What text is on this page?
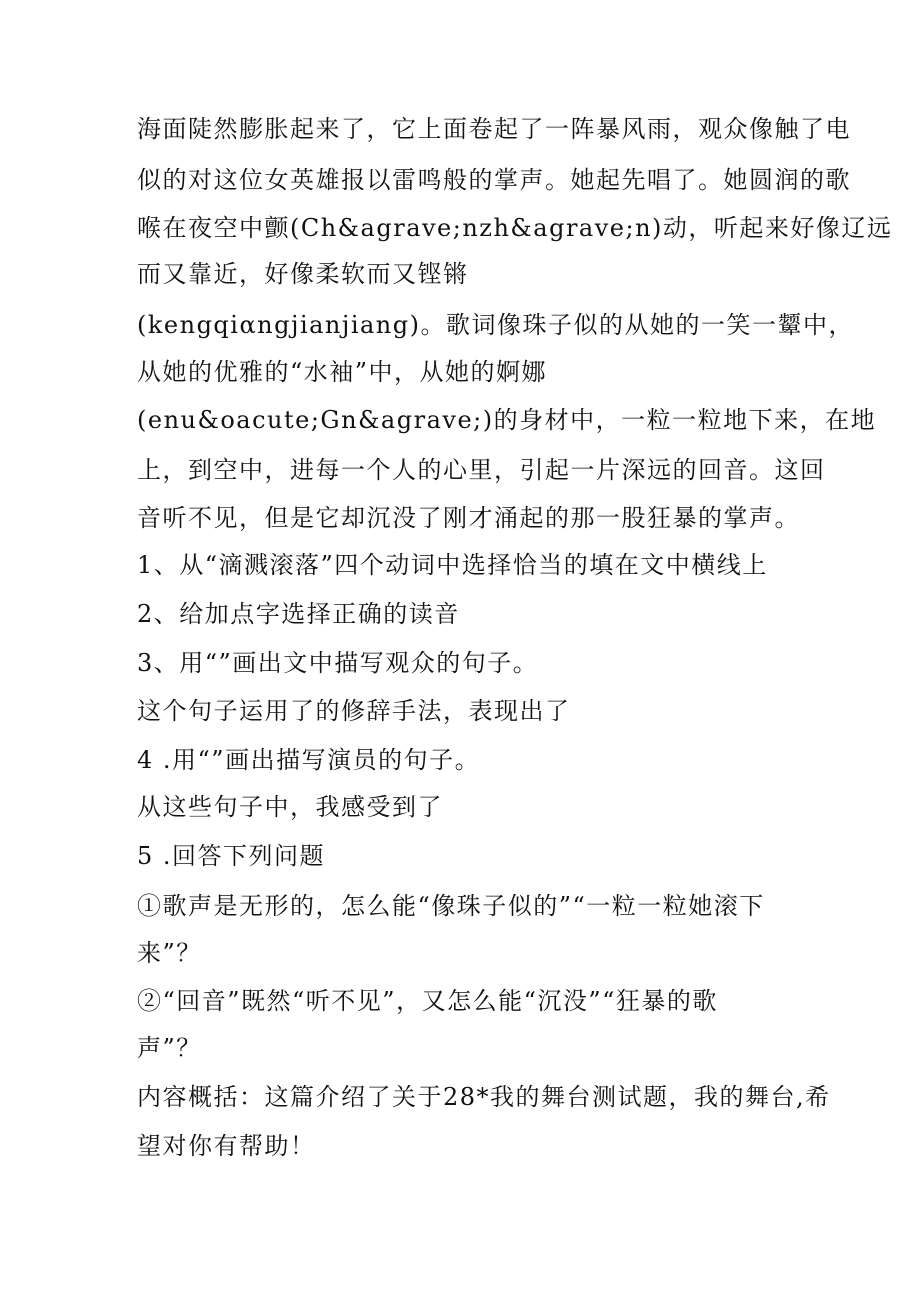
海面陡然膨胀起来了，它上面卷起了一阵暴风雨，观众像触了电
似的对这位女英雄报以雷鸣般的掌声。她起先唱了。她圆润的歌
喉在夜空中颤(Ch&agrave;nzh&agrave;n)动，听起来好像辽远
而又靠近，好像柔软而又铿锵
(kengqiαngjianjiang)。歌词像珠子似的从她的一笑一颦中，
从她的优雅的“水袖”中，从她的婀娜
(enu&oacute;Gn&agrave;)的身材中，一粒一粒地下来，在地
上，到空中，进每一个人的心里，引起一片深远的回音。这回
音听不见，但是它却沉没了刚才涌起的那一股狂暴的掌声。
1、从“滴溅滚落”四个动词中选择恰当的填在文中横线上
2、给加点字选择正确的读音
3、用“”画出文中描写观众的句子。
这个句子运用了的修辞手法，表现出了
4 .用“”画出描写演员的句子。
从这些句子中，我感受到了
5 .回答下列问题
①歌声是无形的，怎么能“像珠子似的”“一粒一粒她滚下
来”？
②“回音”既然“听不见”，又怎么能“沉没”“狂暴的歌
声”？
内容概括：这篇介绍了关于28*我的舞台测试题，我的舞台,希
望对你有帮助！
